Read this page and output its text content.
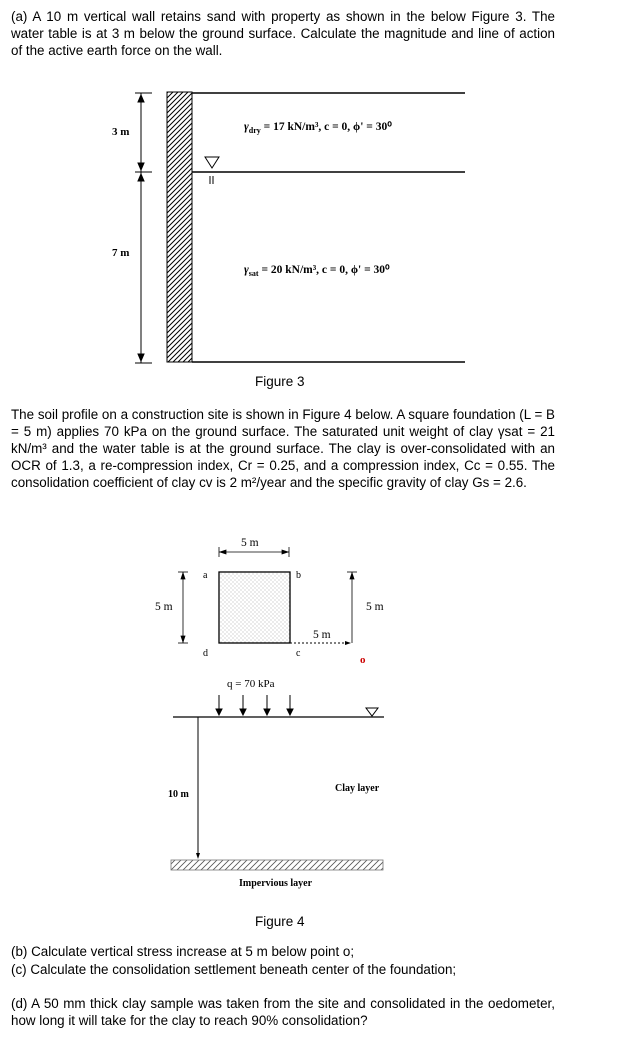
(a) A 10 m vertical wall retains sand with property as shown in the below Figure 3. The water table is at 3 m below the ground surface. Calculate the magnitude and line of action of the active earth force on the wall.

3 m
7 m
$\gamma_{dry} = 17$ kN/m³, c = 0, ϕ' = 30⁰
$\gamma_{sat} = 20$ kN/m³, c = 0, ϕ' = 30⁰
Figure 3

The soil profile on a construction site is shown in Figure 4 below. A square foundation (L = B = 5 m) applies 70 kPa on the ground surface. The saturated unit weight of clay γsat = 21 kN/m³ and the water table is at the ground surface. The clay is over-consolidated with an OCR of 1.3, a re-compression index, Cr = 0.25, and a compression index, Cc = 0.55. The consolidation coefficient of clay cv is 2 m²/year and the specific gravity of clay Gs = 2.6.

5 m
a	b
c
d
5 m
5 m
5 m
o
q = 70 kPa
10 m
Clay layer
Impervious layer
Figure 4

(b) Calculate vertical stress increase at 5 m below point o;

(c) Calculate the consolidation settlement beneath center of the foundation;

(d) A 50 mm thick clay sample was taken from the site and consolidated in the oedometer, how long it will take for the clay to reach 90% consolidation?
